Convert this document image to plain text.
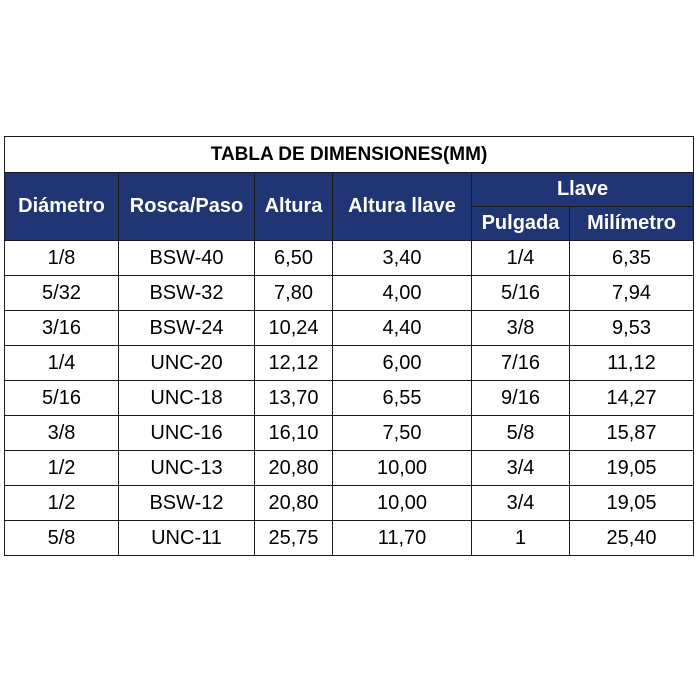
TABLA DE DIMENSIONES(MM)					
Diámetro	Rosca/Paso	Altura	Altura llave	Llave	
				Pulgada	Milímetro
1/8	BSW-40	6,50	3,40	1/4	6,35
5/32	BSW-32	7,80	4,00	5/16	7,94
3/16	BSW-24	10,24	4,40	3/8	9,53
1/4	UNC-20	12,12	6,00	7/16	11,12
5/16	UNC-18	13,70	6,55	9/16	14,27
3/8	UNC-16	16,10	7,50	5/8	15,87
1/2	UNC-13	20,80	10,00	3/4	19,05
1/2	BSW-12	20,80	10,00	3/4	19,05
5/8	UNC-11	25,75	11,70	1	25,40
